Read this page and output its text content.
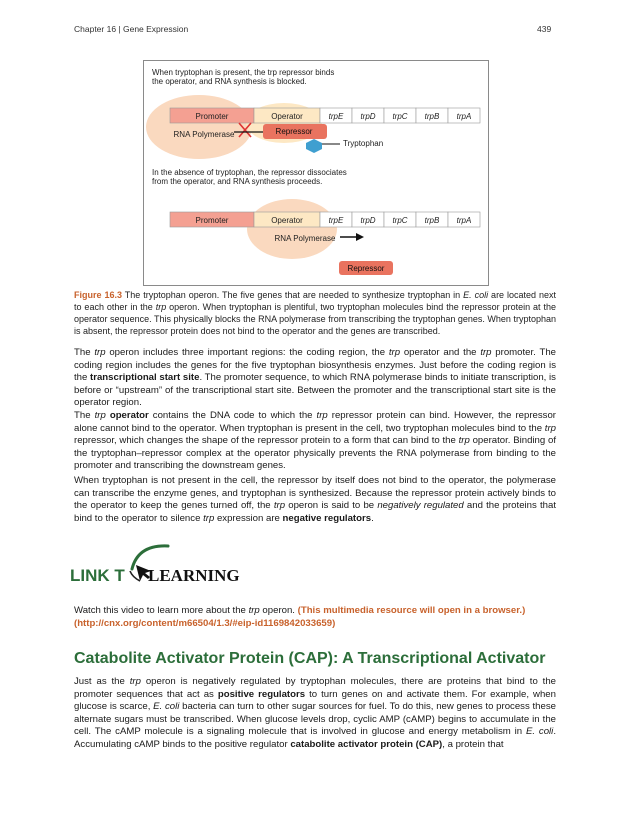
Chapter 16 | Gene Expression	439
When tryptophan is present, the trp repressor binds
the operator, and RNA synthesis is blocked.
Promoter	Operator	trpE trpD trpC trpB trpA
RNA Polymerase	Repressor
Tryptophan
In the absence of tryptophan, the repressor dissociates
from the operator, and RNA synthesis proceeds.
Promoter	Operator	trpE trpD trpC trpB trpA
RNA Polymerase
Repressor
Figure 16.3 The tryptophan operon. The five genes that are needed to synthesize tryptophan in E. coli are located next to each other in the trp operon. When tryptophan is plentiful, two tryptophan molecules bind the repressor protein at the operator sequence. This physically blocks the RNA polymerase from transcribing the tryptophan genes. When tryptophan is absent, the repressor protein does not bind to the operator and the genes are transcribed.
The trp operon includes three important regions: the coding region, the trp operator and the trp promoter. The coding region includes the genes for the five tryptophan biosynthesis enzymes. Just before the coding region is the transcriptional start site. The promoter sequence, to which RNA polymerase binds to initiate transcription, is before or “upstream” of the transcriptional start site. Between the promoter and the transcriptional start site is the operator region.
The trp operator contains the DNA code to which the trp repressor protein can bind. However, the repressor alone cannot bind to the operator. When tryptophan is present in the cell, two tryptophan molecules bind to the trp repressor, which changes the shape of the repressor protein to a form that can bind to the trp operator. Binding of the tryptophan–repressor complex at the operator physically prevents the RNA polymerase from binding to the promoter and transcribing the downstream genes.
When tryptophan is not present in the cell, the repressor by itself does not bind to the operator, the polymerase can transcribe the enzyme genes, and tryptophan is synthesized. Because the repressor protein actively binds to the operator to keep the genes turned off, the trp operon is said to be negatively regulated and the proteins that bind to the operator to silence trp expression are negative regulators.
LINK T LEARNING
Watch this video to learn more about the trp operon. (This multimedia resource will open in a browser.)
(http://cnx.org/content/m66504/1.3/#eip-id1169842033659)
Catabolite Activator Protein (CAP): A Transcriptional Activator
Just as the trp operon is negatively regulated by tryptophan molecules, there are proteins that bind to the promoter sequences that act as positive regulators to turn genes on and activate them. For example, when glucose is scarce, E. coli bacteria can turn to other sugar sources for fuel. To do this, new genes to process these alternate sugars must be transcribed. When glucose levels drop, cyclic AMP (cAMP) begins to accumulate in the cell. The cAMP molecule is a signaling molecule that is involved in glucose and energy metabolism in E. coli. Accumulating cAMP binds to the positive regulator catabolite activator protein (CAP), a protein that
